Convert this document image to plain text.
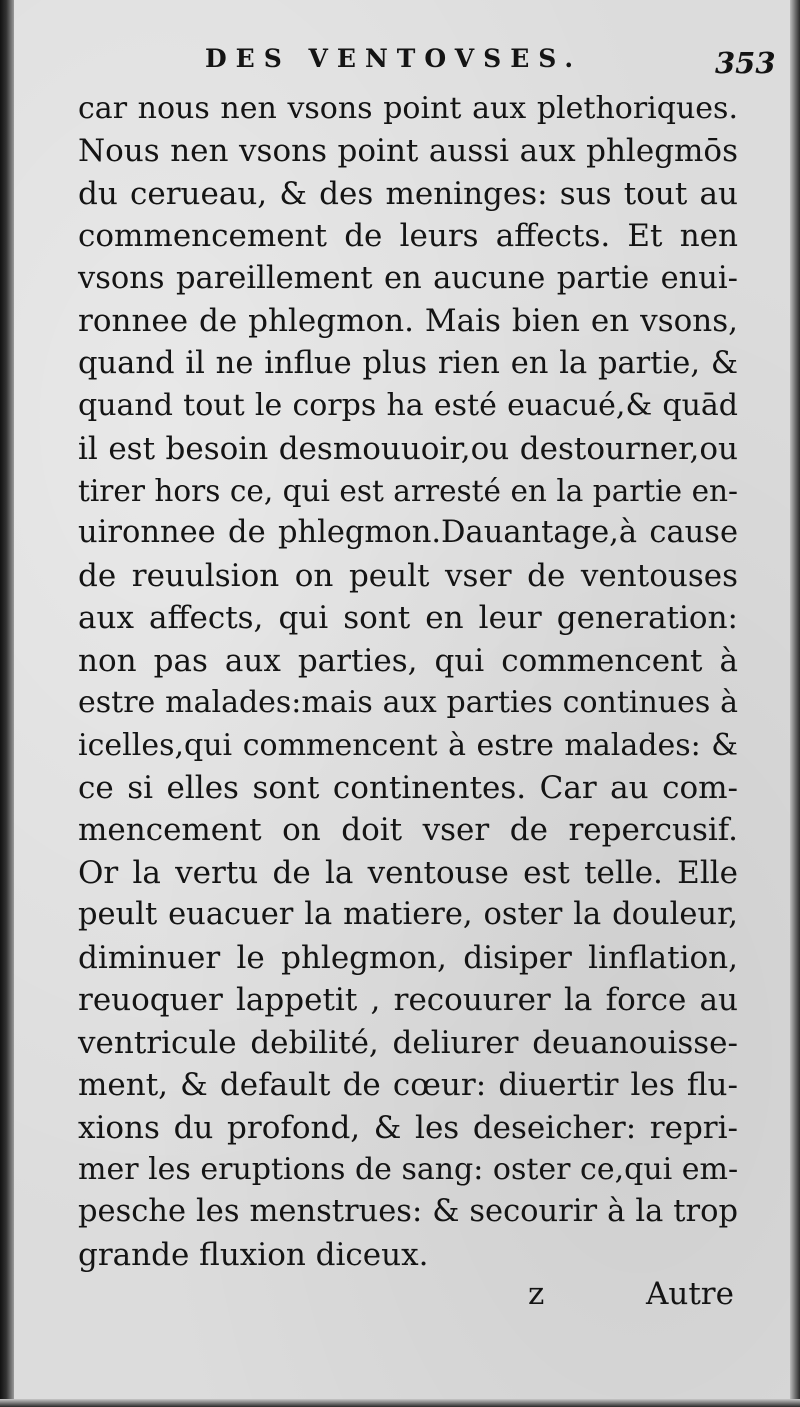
DES VENTOVSES.	353
car nous nen vsons point aux plethoriques.
Nous nen vsons point aussi aux phlegmōs
du cerueau, & des meninges: sus tout au
commencement de leurs affects. Et nen
vsons pareillement en aucune partie enui-
ronnee de phlegmon. Mais bien en vsons,
quand il ne influe plus rien en la partie, &
quand tout le corps ha esté euacué,& quād
il est besoin desmouuoir,ou destourner,ou
tirer hors ce, qui est arresté en la partie en-
uironnee de phlegmon.Dauantage,à cause
de reuulsion on peult vser de ventouses
aux affects, qui sont en leur generation:
non pas aux parties, qui commencent à
estre malades:mais aux parties continues à
icelles,qui commencent à estre malades: &
ce si elles sont continentes. Car au com-
mencement on doit vser de repercusif.
Or la vertu de la ventouse est telle. Elle
peult euacuer la matiere, oster la douleur,
diminuer le phlegmon, disiper linflation,
reuoquer lappetit , recouurer la force au
ventricule debilité, deliurer deuanouisse-
ment, & default de cœur: diuertir les flu-
xions du profond, & les deseicher: repri-
mer les eruptions de sang: oster ce,qui em-
pesche les menstrues: & secourir à la trop
grande fluxion diceux.
z	Autre
